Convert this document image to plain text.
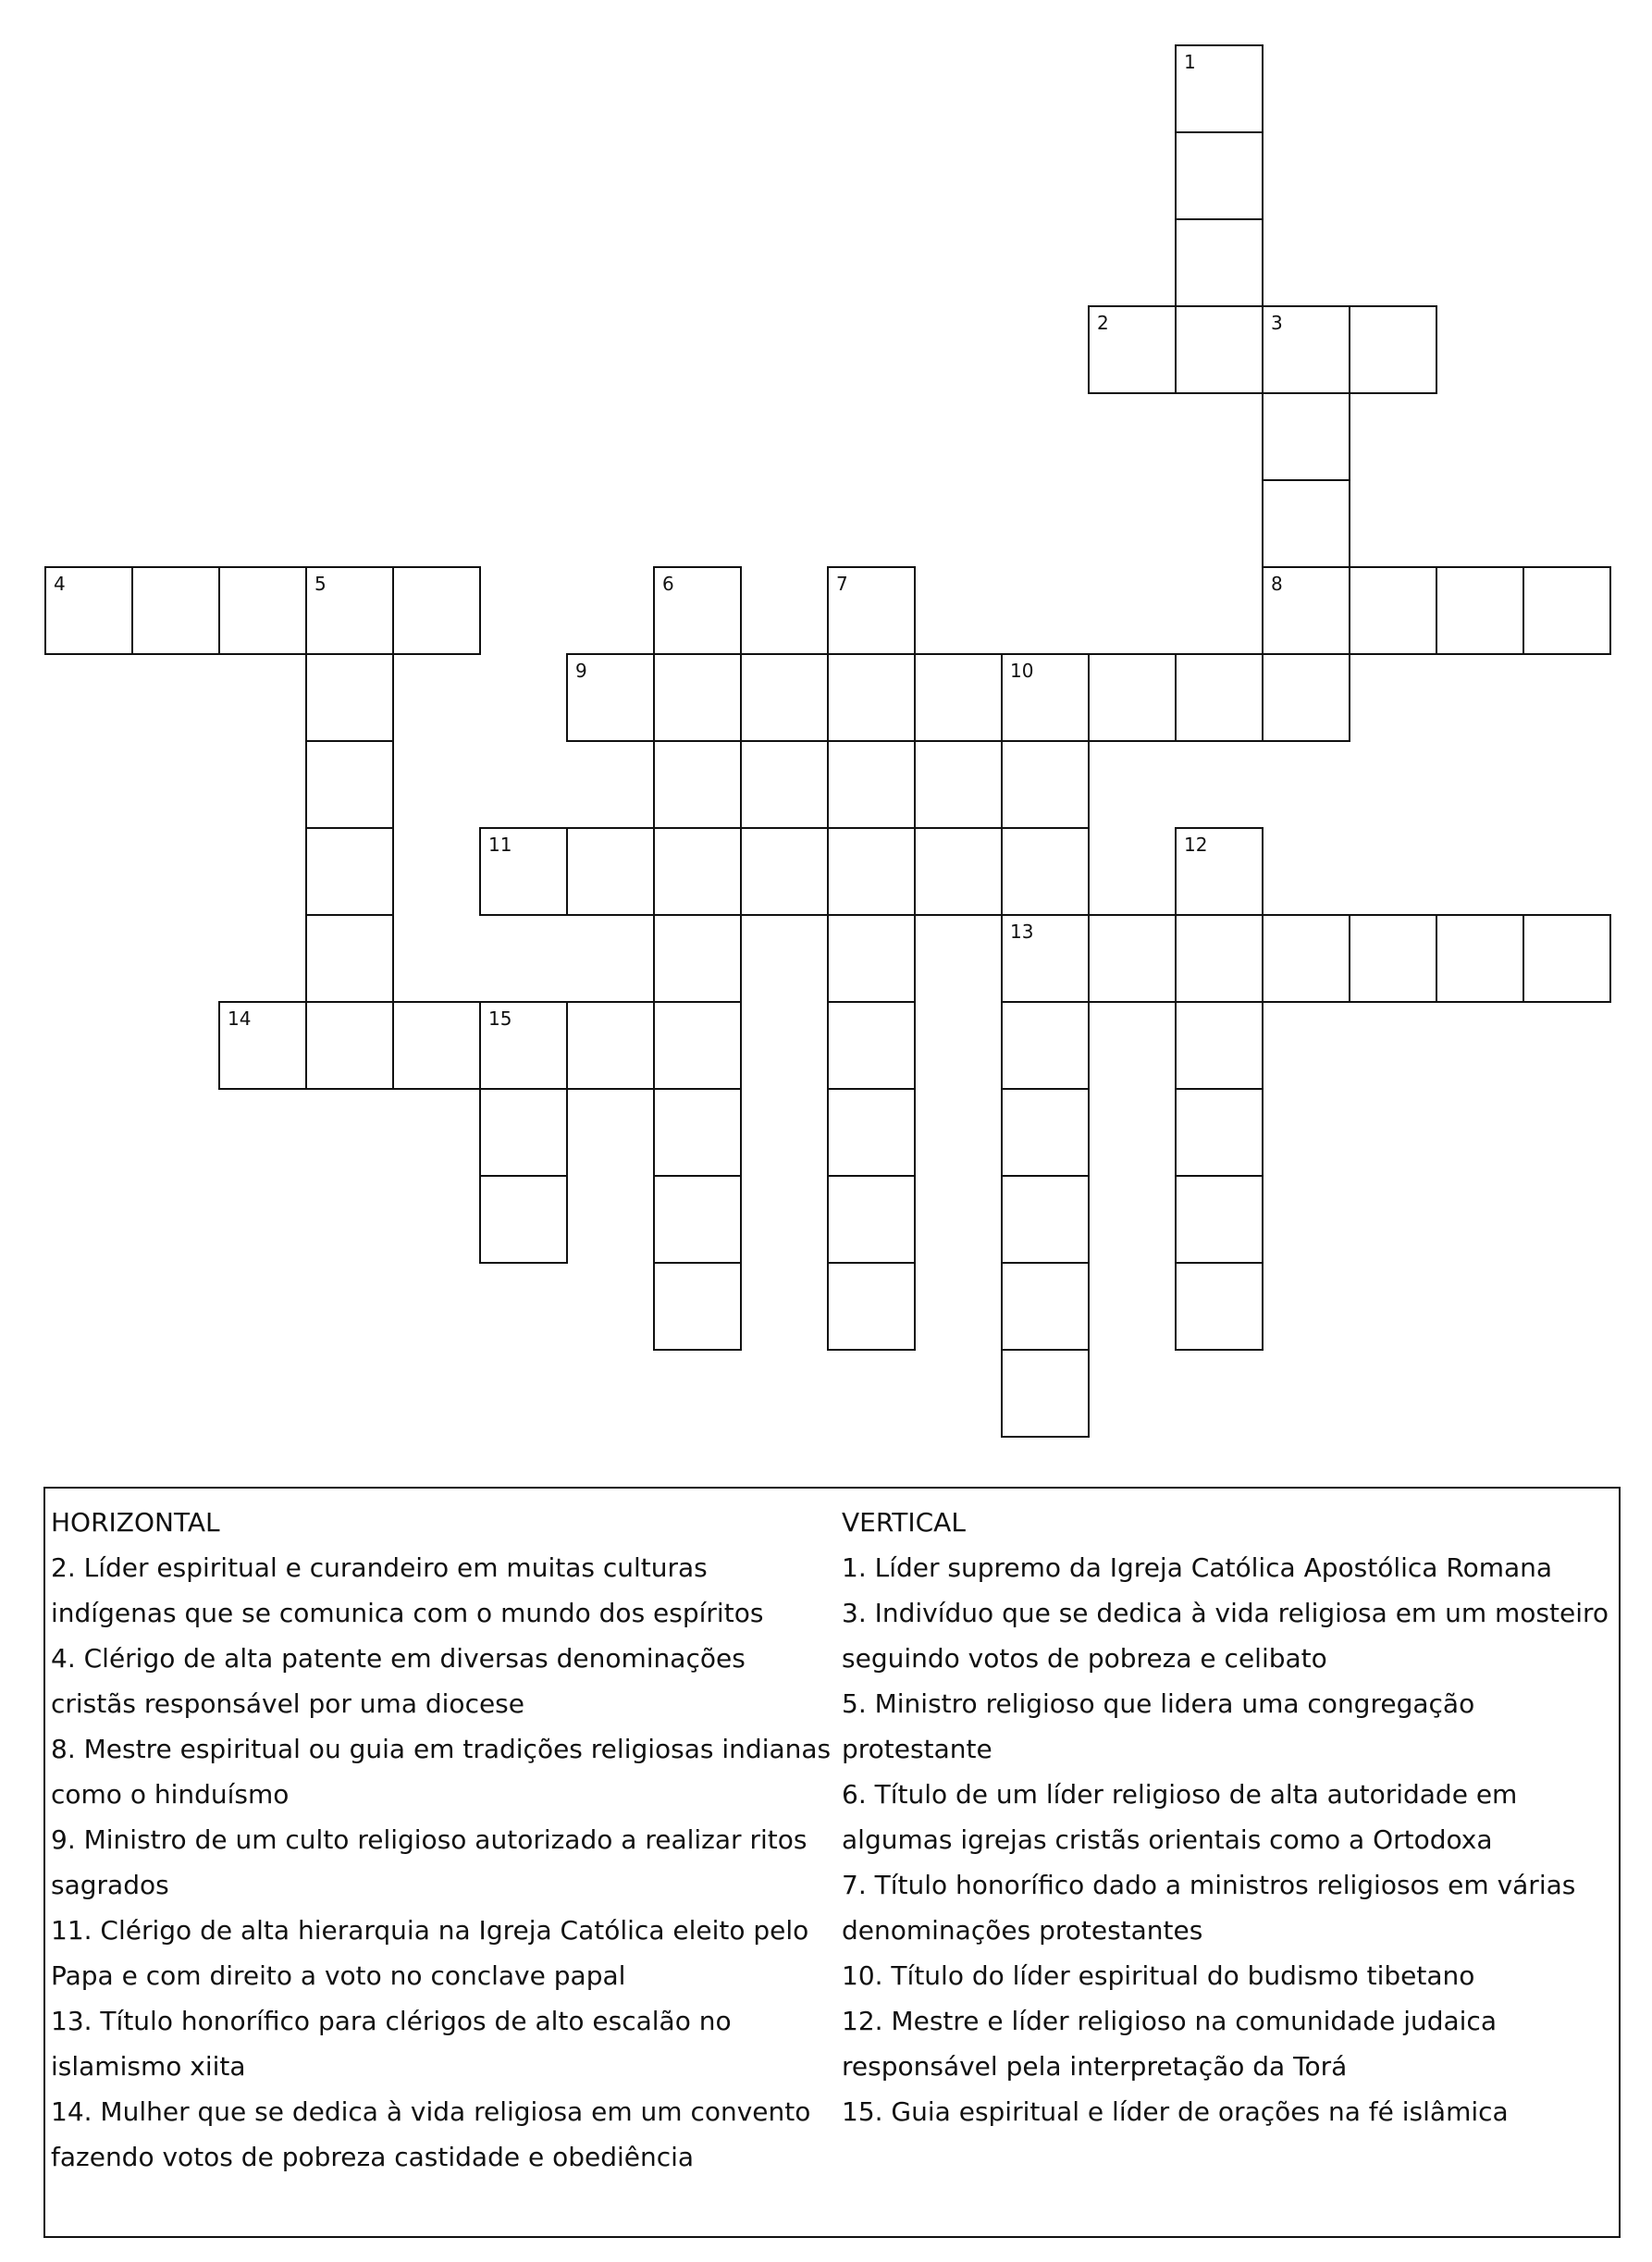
1
2	3
4	5	6	7	8
9	10
11	12
13
14	15

HORIZONTAL

2. Líder espiritual e curandeiro em muitas culturas indígenas que se comunica com o mundo dos espíritos

4. Clérigo de alta patente em diversas denominações cristãs responsável por uma diocese

8. Mestre espiritual ou guia em tradições religiosas indianas como o hinduísmo

9. Ministro de um culto religioso autorizado a realizar ritos sagrados

11. Clérigo de alta hierarquia na Igreja Católica eleito pelo Papa e com direito a voto no conclave papal

13. Título honorífico para clérigos de alto escalão no islamismo xiita

14. Mulher que se dedica à vida religiosa em um convento fazendo votos de pobreza castidade e obediência

VERTICAL

1. Líder supremo da Igreja Católica Apostólica Romana

3. Indivíduo que se dedica à vida religiosa em um mosteiro seguindo votos de pobreza e celibato

5. Ministro religioso que lidera uma congregação protestante

6. Título de um líder religioso de alta autoridade em algumas igrejas cristãs orientais como a Ortodoxa

7. Título honorífico dado a ministros religiosos em várias denominações protestantes

10. Título do líder espiritual do budismo tibetano

12. Mestre e líder religioso na comunidade judaica responsável pela interpretação da Torá

15. Guia espiritual e líder de orações na fé islâmica
